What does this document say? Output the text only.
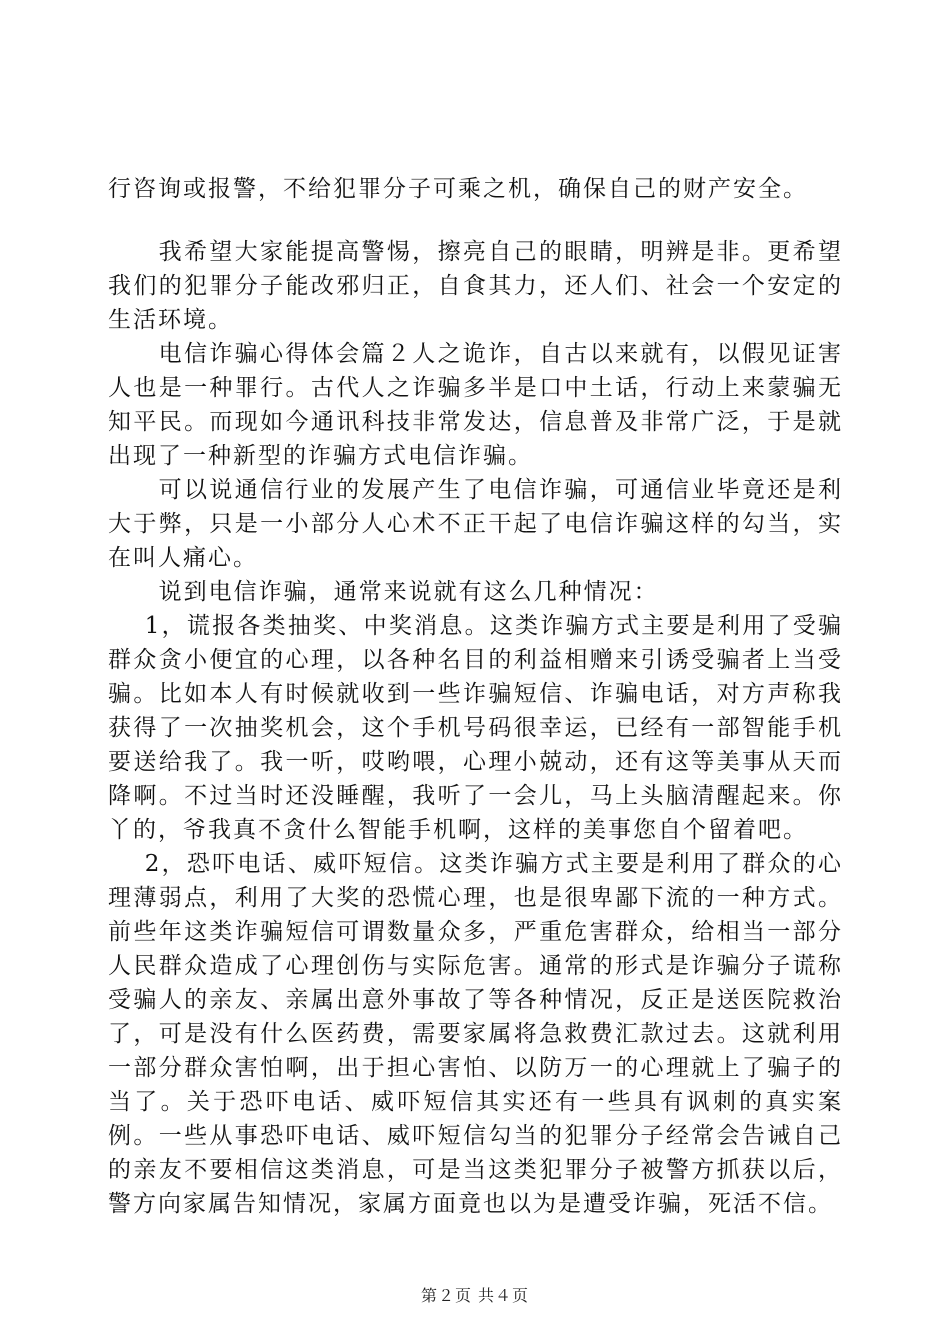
行咨询或报警，不给犯罪分子可乘之机，确保自己的财产安全。

我希望大家能提高警惕，擦亮自己的眼睛，明辨是非。更希望我们的犯罪分子能改邪归正，自食其力，还人们、社会一个安定的生活环境。

电信诈骗心得体会篇２人之诡诈，自古以来就有，以假见证害人也是一种罪行。古代人之诈骗多半是口中土话，行动上来蒙骗无知平民。而现如今通讯科技非常发达，信息普及非常广泛，于是就出现了一种新型的诈骗方式电信诈骗。

可以说通信行业的发展产生了电信诈骗，可通信业毕竟还是利大于弊，只是一小部分人心术不正干起了电信诈骗这样的勾当，实在叫人痛心。

说到电信诈骗，通常来说就有这么几种情况：

1，谎报各类抽奖、中奖消息。这类诈骗方式主要是利用了受骗群众贪小便宜的心理，以各种名目的利益相赠来引诱受骗者上当受骗。比如本人有时候就收到一些诈骗短信、诈骗电话，对方声称我获得了一次抽奖机会，这个手机号码很幸运，已经有一部智能手机要送给我了。我一听，哎哟喂，心理小兢动，还有这等美事从天而降啊。不过当时还没睡醒，我听了一会儿，马上头脑清醒起来。你丫的，爷我真不贪什么智能手机啊，这样的美事您自个留着吧。

2，恐吓电话、威吓短信。这类诈骗方式主要是利用了群众的心理薄弱点，利用了大奖的恐慌心理，也是很卑鄙下流的一种方式。前些年这类诈骗短信可谓数量众多，严重危害群众，给相当一部分人民群众造成了心理创伤与实际危害。通常的形式是诈骗分子谎称受骗人的亲友、亲属出意外事故了等各种情况，反正是送医院救治了，可是没有什么医药费，需要家属将急救费汇款过去。这就利用一部分群众害怕啊，出于担心害怕、以防万一的心理就上了骗子的当了。关于恐吓电话、威吓短信其实还有一些具有讽刺的真实案例。一些从事恐吓电话、威吓短信勾当的犯罪分子经常会告诫自己的亲友不要相信这类消息，可是当这类犯罪分子被警方抓获以后，警方向家属告知情况，家属方面竟也以为是遭受诈骗，死活不信。

第２页 共４页
